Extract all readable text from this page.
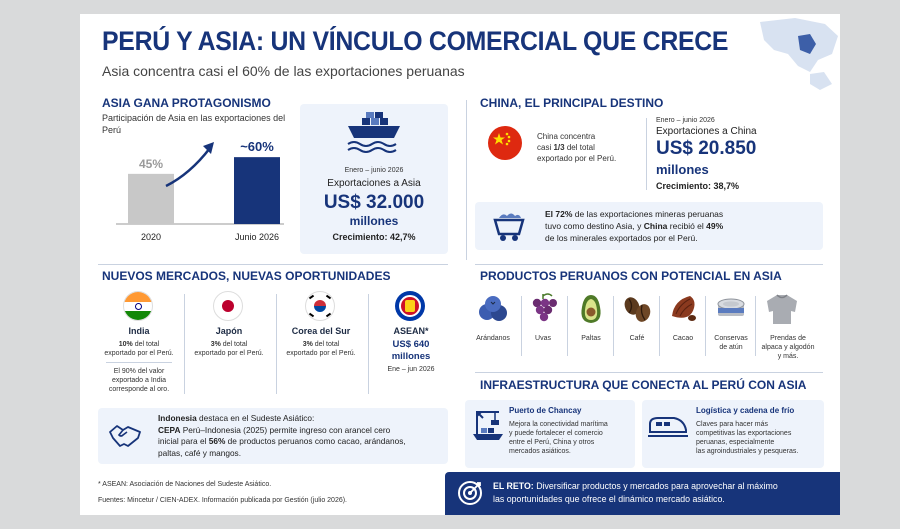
PERÚ Y ASIA: UN VÍNCULO COMERCIAL QUE CRECE
Asia concentra casi el 60% de las exportaciones peruanas
ASIA GANA PROTAGONISMO
Participación de Asia en las exportaciones del Perú
45%
2020
~60%
Junio 2026
Enero – junio 2026
Exportaciones a Asia
US$ 32.000
millones
Crecimiento: 42,7%
CHINA, EL PRINCIPAL DESTINO
China concentra
casi 1/3 del total
exportado por el Perú.
Enero – junio 2026
Exportaciones a China
US$ 20.850
millones
Crecimiento: 38,7%
El 72% de las exportaciones mineras peruanas
tuvo como destino Asia, y China recibió el 49%
de los minerales exportados por el Perú.
NUEVOS MERCADOS, NUEVAS OPORTUNIDADES
India
10% del total
exportado por el Perú.
El 90% del valor
exportado a India
corresponde al oro.
Japón
3% del total
exportado por el Perú.
Corea del Sur
3% del total
exportado por el Perú.
ASEAN*
US$ 640
millones
Ene – jun 2026
Indonesia destaca en el Sudeste Asiático:
CEPA Perú–Indonesia (2025) permite ingreso con arancel cero
inicial para el 56% de productos peruanos como cacao, arándanos,
paltas, café y mangos.
* ASEAN: Asociación de Naciones del Sudeste Asiático.
Fuentes: Mincetur / CIEN-ADEX. Información publicada por Gestión (julio 2026).
PRODUCTOS PERUANOS CON POTENCIAL EN ASIA
Arándanos	Uvas	Paltas	Café	Cacao	Conservas
de atún
Prendas de
alpaca y algodón
y más.
INFRAESTRUCTURA QUE CONECTA AL PERÚ CON ASIA
Puerto de Chancay
Mejora la conectividad marítima
y puede fortalecer el comercio
entre el Perú, China y otros
mercados asiáticos.
Logística y cadena de frío
Claves para hacer más
competitivas las exportaciones
peruanas, especialmente
las agroindustriales y pesqueras.
EL RETO: Diversificar productos y mercados para aprovechar al máximo
las oportunidades que ofrece el dinámico mercado asiático.
